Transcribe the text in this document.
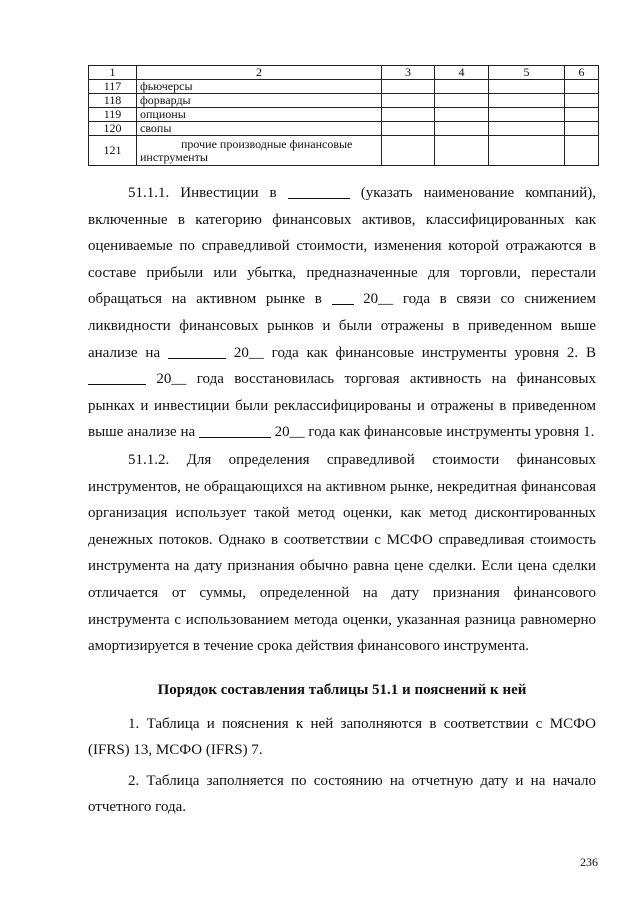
1	2	3	4	5	6
117	фьючерсы				
118	форварды				
119	опционы				
120	свопы				
121	прочие производные финансовые инструменты				

51.1.1. Инвестиции в	(указать наименование компаний), включенные в категорию финансовых активов, классифицированных как оцениваемые по справедливой стоимости, изменения которой отражаются в составе прибыли или убытка, предназначенные для торговли, перестали обращаться на активном рынке в	20__ года в связи со снижением ликвидности финансовых рынков и были отражены в приведенном выше анализе на	20__ года как финансовые инструменты уровня 2. В  20__ года восстановилась торговая активность на финансовых рынках и инвестиции были реклассифицированы и отражены в приведенном выше анализе на	20__ года как финансовые инструменты уровня 1.

51.1.2. Для определения справедливой стоимости финансовых инструментов, не обращающихся на активном рынке, некредитная финансовая организация использует такой метод оценки, как метод дисконтированных денежных потоков. Однако в соответствии с МСФО справедливая стоимость инструмента на дату признания обычно равна цене сделки. Если цена сделки отличается от суммы, определенной на дату признания финансового инструмента с использованием метода оценки, указанная разница равномерно амортизируется в течение срока действия финансового инструмента.

Порядок составления таблицы 51.1 и пояснений к ней

1. Таблица и пояснения к ней заполняются в соответствии с МСФО (IFRS) 13, МСФО (IFRS) 7.

2. Таблица заполняется по состоянию на отчетную дату и на начало отчетного года.

236
